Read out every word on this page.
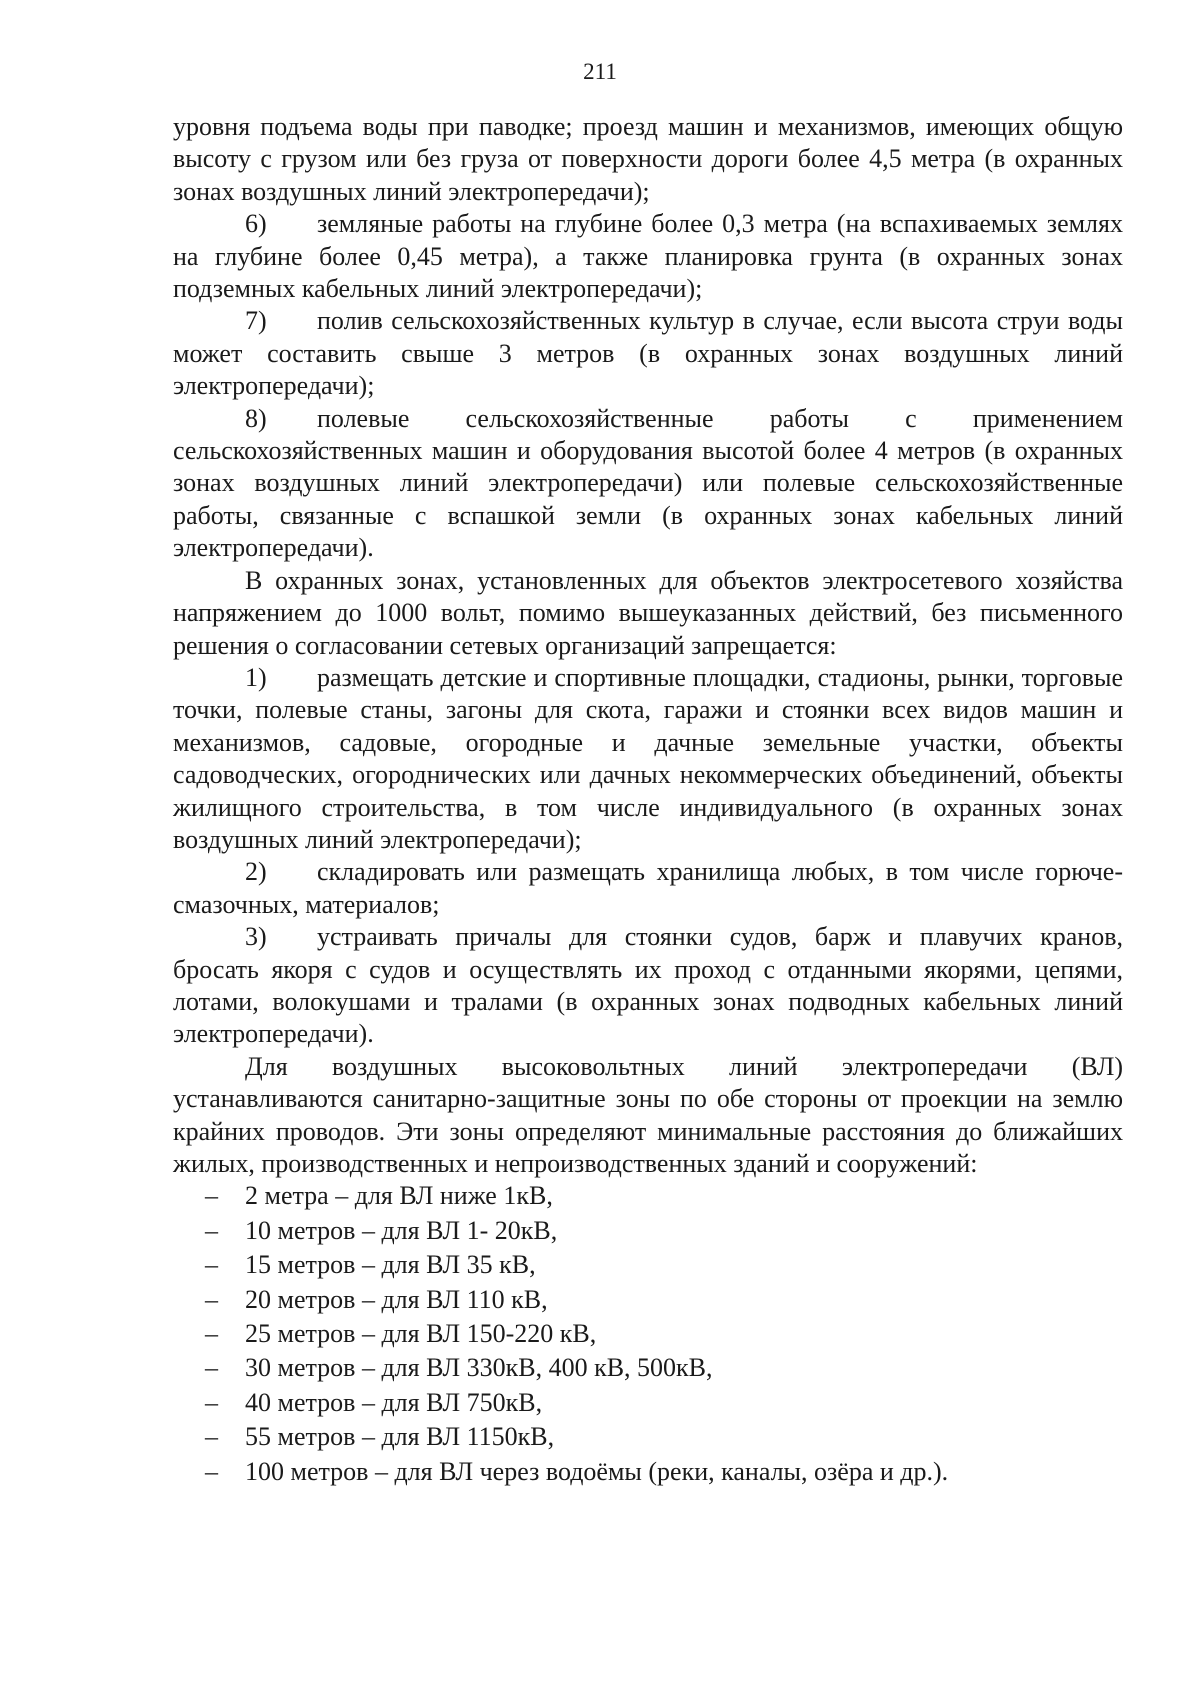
211

уровня подъема воды при паводке; проезд машин и механизмов, имеющих общую высоту с грузом или без груза от поверхности дороги более 4,5 метра (в охранных зонах воздушных линий электропередачи);

6) земляные работы на глубине более 0,3 метра (на вспахиваемых землях на глубине более 0,45 метра), а также планировка грунта (в охранных зонах подземных кабельных линий электропередачи);

7) полив сельскохозяйственных культур в случае, если высота струи воды может составить свыше 3 метров (в охранных зонах воздушных линий электропередачи);

8) полевые сельскохозяйственные работы с применением сельскохозяйственных машин и оборудования высотой более 4 метров (в охранных зонах воздушных линий электропередачи) или полевые сельскохозяйственные работы, связанные с вспашкой земли (в охранных зонах кабельных линий электропередачи).

В охранных зонах, установленных для объектов электросетевого хозяйства напряжением до 1000 вольт, помимо вышеуказанных действий, без письменного решения о согласовании сетевых организаций запрещается:

1) размещать детские и спортивные площадки, стадионы, рынки, торговые точки, полевые станы, загоны для скота, гаражи и стоянки всех видов машин и механизмов, садовые, огородные и дачные земельные участки, объекты садоводческих, огороднических или дачных некоммерческих объединений, объекты жилищного строительства, в том числе индивидуального (в охранных зонах воздушных линий электропередачи);

2) складировать или размещать хранилища любых, в том числе горюче-смазочных, материалов;

3) устраивать причалы для стоянки судов, барж и плавучих кранов, бросать якоря с судов и осуществлять их проход с отданными якорями, цепями, лотами, волокушами и тралами (в охранных зонах подводных кабельных линий электропередачи).

Для воздушных высоковольтных линий электропередачи (ВЛ) устанавливаются санитарно-защитные зоны по обе стороны от проекции на землю крайних проводов. Эти зоны определяют минимальные расстояния до ближайших жилых, производственных и непроизводственных зданий и сооружений:

– 2 метра – для ВЛ ниже 1кВ,
– 10 метров – для ВЛ 1- 20кВ,
– 15 метров – для ВЛ 35 кВ,
– 20 метров – для ВЛ 110 кВ,
– 25 метров – для ВЛ 150-220 кВ,
– 30 метров – для ВЛ 330кВ, 400 кВ, 500кВ,
– 40 метров – для ВЛ 750кВ,
– 55 метров – для ВЛ 1150кВ,
– 100 метров – для ВЛ через водоёмы (реки, каналы, озёра и др.).
